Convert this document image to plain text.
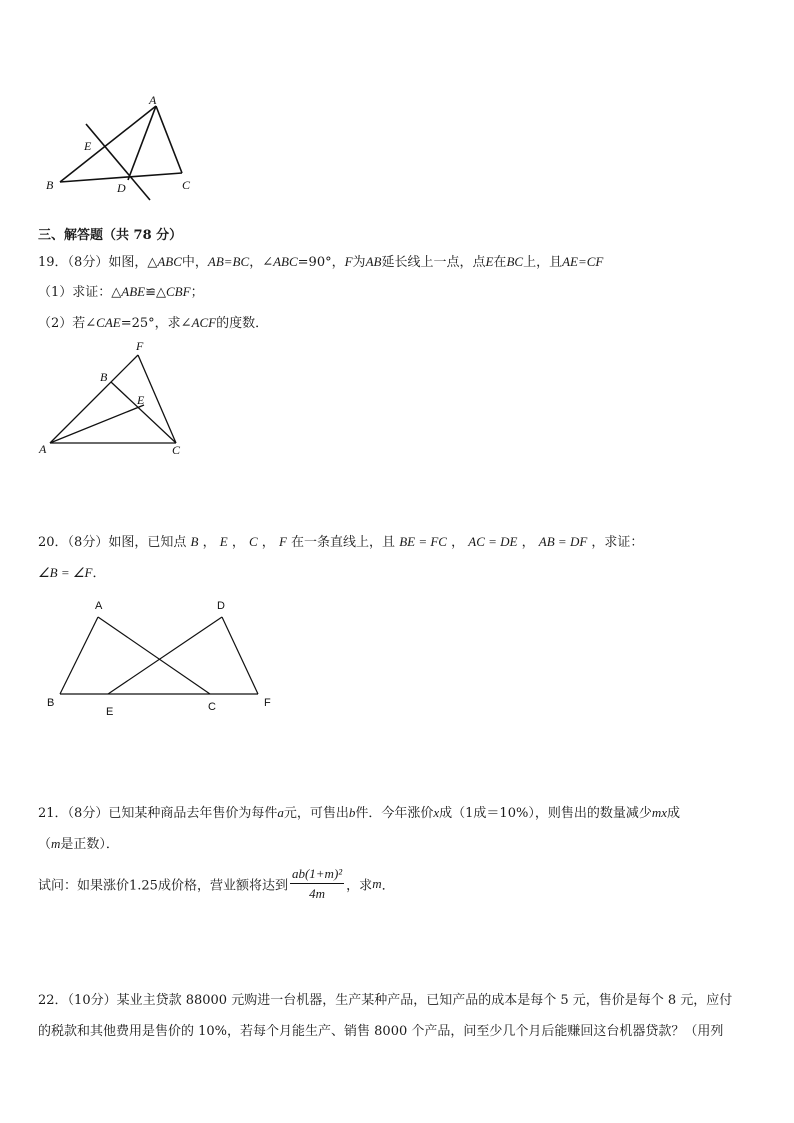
A
E
B	D	C
三、解答题（共 78 分）
19．（8分）如图，△ABC中，AB=BC，∠ABC=90°，F为AB延长线上一点，点E在BC上，且AE=CF
（1）求证：△ABE≌△CBF；
（2）若∠CAE=25°，求∠ACF的度数．
F
B
E
A	C
20．（8分）如图，已知点 B ， E ， C ， F 在一条直线上，且 BE = FC ， AC = DE ， AB = DF ，求证：
∠B = ∠F．
A	D
B
E	C	F
21．（8分）已知某种商品去年售价为每件a元，可售出b件．今年涨价x成（1成＝10%），则售出的数量减少mx成
（m是正数）．
试问：如果涨价1.25成价格，营业额将达到 $\frac{\text{ab(1+m)²}}{4m}$ ，求m．
22．（10分）某业主贷款 88000 元购进一台机器，生产某种产品，已知产品的成本是每个 5 元，售价是每个 8 元，应付
的税款和其他费用是售价的 10%，若每个月能生产、销售 8000 个产品，问至少几个月后能赚回这台机器贷款？（用列
